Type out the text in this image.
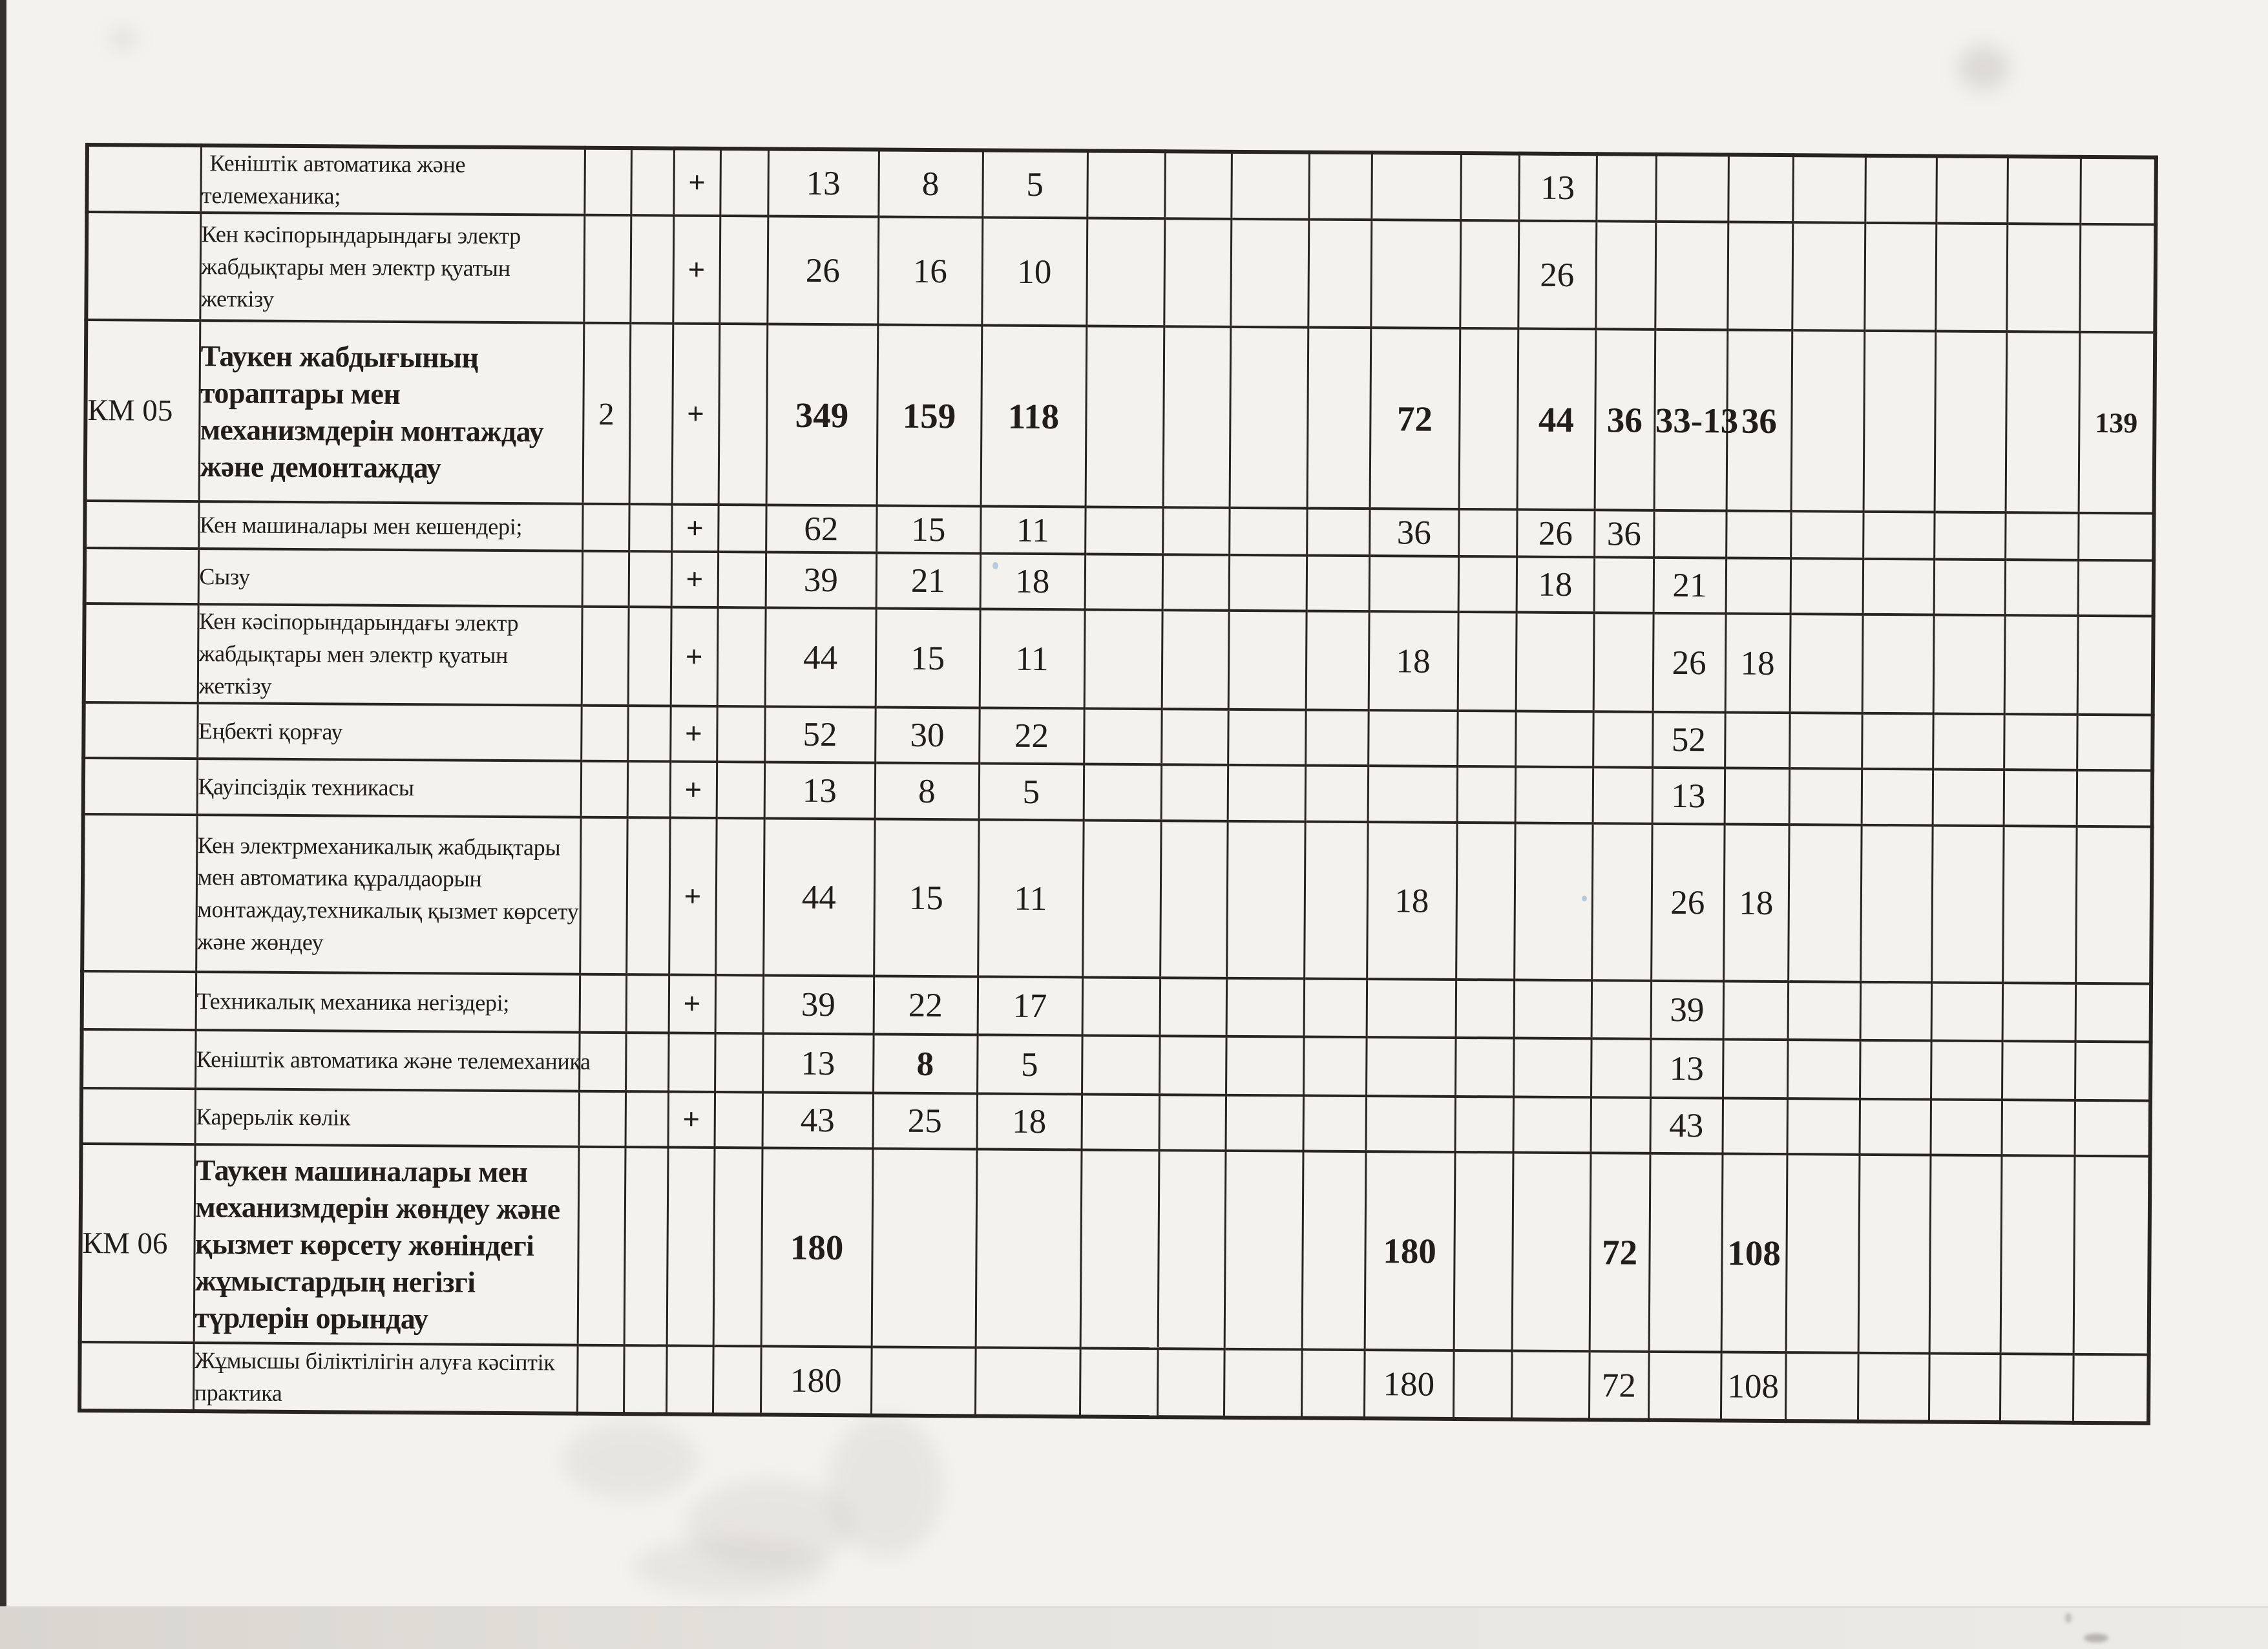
	Кеніштік автоматика және телемеханика;			+		13	8	5							13								
	Кен кәсіпорындарындағы электр жабдықтары мен электр қуатын жеткізу			+		26	16	10							26								
КМ 05	Таукен жабдығының тораптары мен механизмдерін монтаждау және демонтаждау	2		+		349	159	118					72		44	36	33-13	36					139
	Кен машиналары мен кешендері;			+		62	15	11					36		26	36							
	Сызу			+		39	21	18							18		21						
	Кен кәсіпорындарындағы электр жабдықтары мен электр қуатын жеткізу			+		44	15	11					18				26	18					
	Еңбекті қорғау			+		52	30	22									52						
	Қауіпсіздік техникасы			+		13	8	5									13						
	Кен электрмеханикалық жабдықтары мен автоматика құралдаорын монтаждау,техникалық қызмет көрсету және жөндеу			+		44	15	11					18				26	18					
	Техникалық механика негіздері;			+		39	22	17									39						
	Кеніштік автоматика және телемеханика					13	8	5									13						
	Карерьлік көлік			+		43	25	18									43						
КМ 06	Таукен машиналары мен механизмдерін жөндеу және қызмет көрсету жөніндегі жұмыстардың негізгі түрлерін орындау					180							180			72		108					
	Жұмысшы біліктілігін алуға кәсіптік практика					180							180			72		108					
